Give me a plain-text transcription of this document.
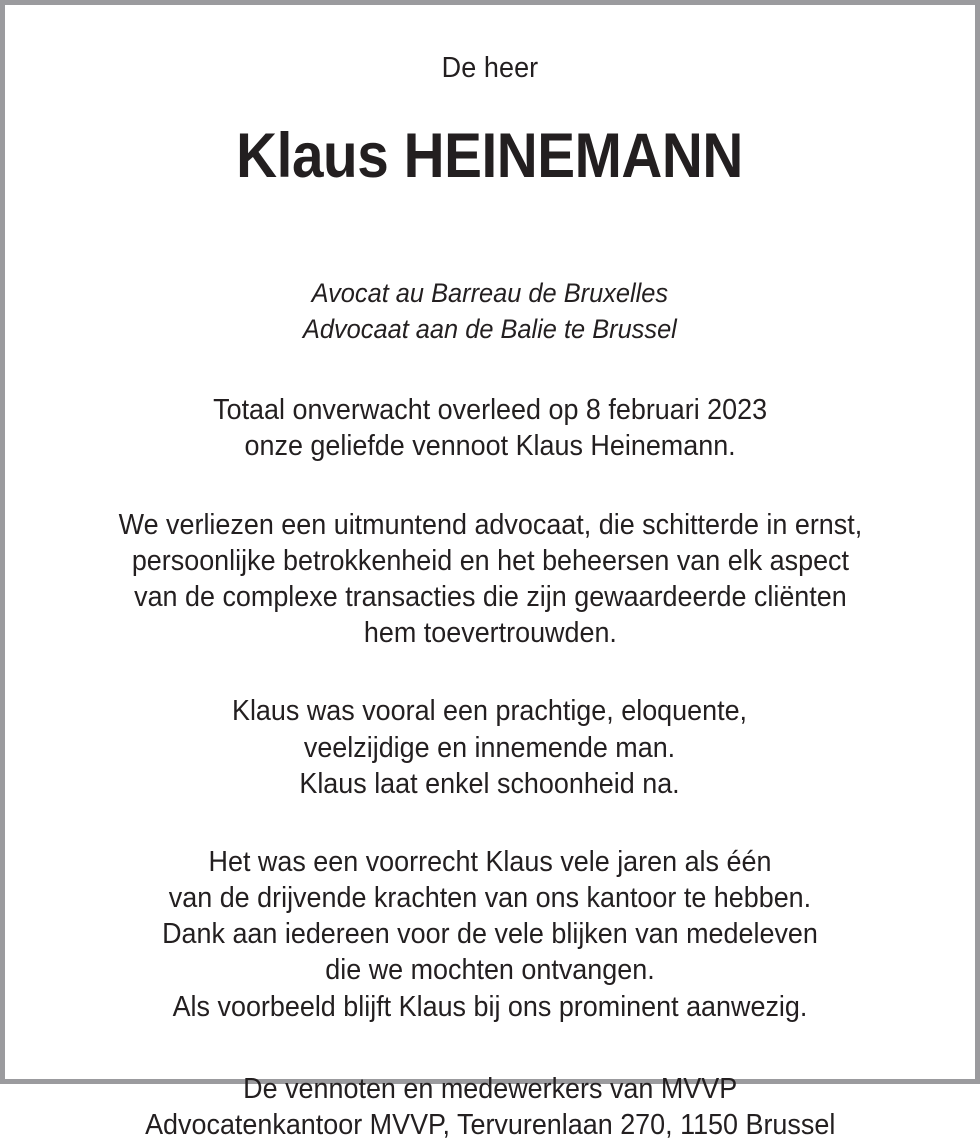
De heer
Klaus HEINEMANN
Avocat au Barreau de Bruxelles
Advocaat aan de Balie te Brussel
Totaal onverwacht overleed op 8 februari 2023
onze geliefde vennoot Klaus Heinemann.
We verliezen een uitmuntend advocaat, die schitterde in ernst,
persoonlijke betrokkenheid en het beheersen van elk aspect
van de complexe transacties die zijn gewaardeerde cliënten
hem toevertrouwden.
Klaus was vooral een prachtige, eloquente,
veelzijdige en innemende man.
Klaus laat enkel schoonheid na.
Het was een voorrecht Klaus vele jaren als één
van de drijvende krachten van ons kantoor te hebben.
Dank aan iedereen voor de vele blijken van medeleven
die we mochten ontvangen.
Als voorbeeld blijft Klaus bij ons prominent aanwezig.
De vennoten en medewerkers van MVVP
Advocatenkantoor MVVP, Tervurenlaan 270, 1150 Brussel
